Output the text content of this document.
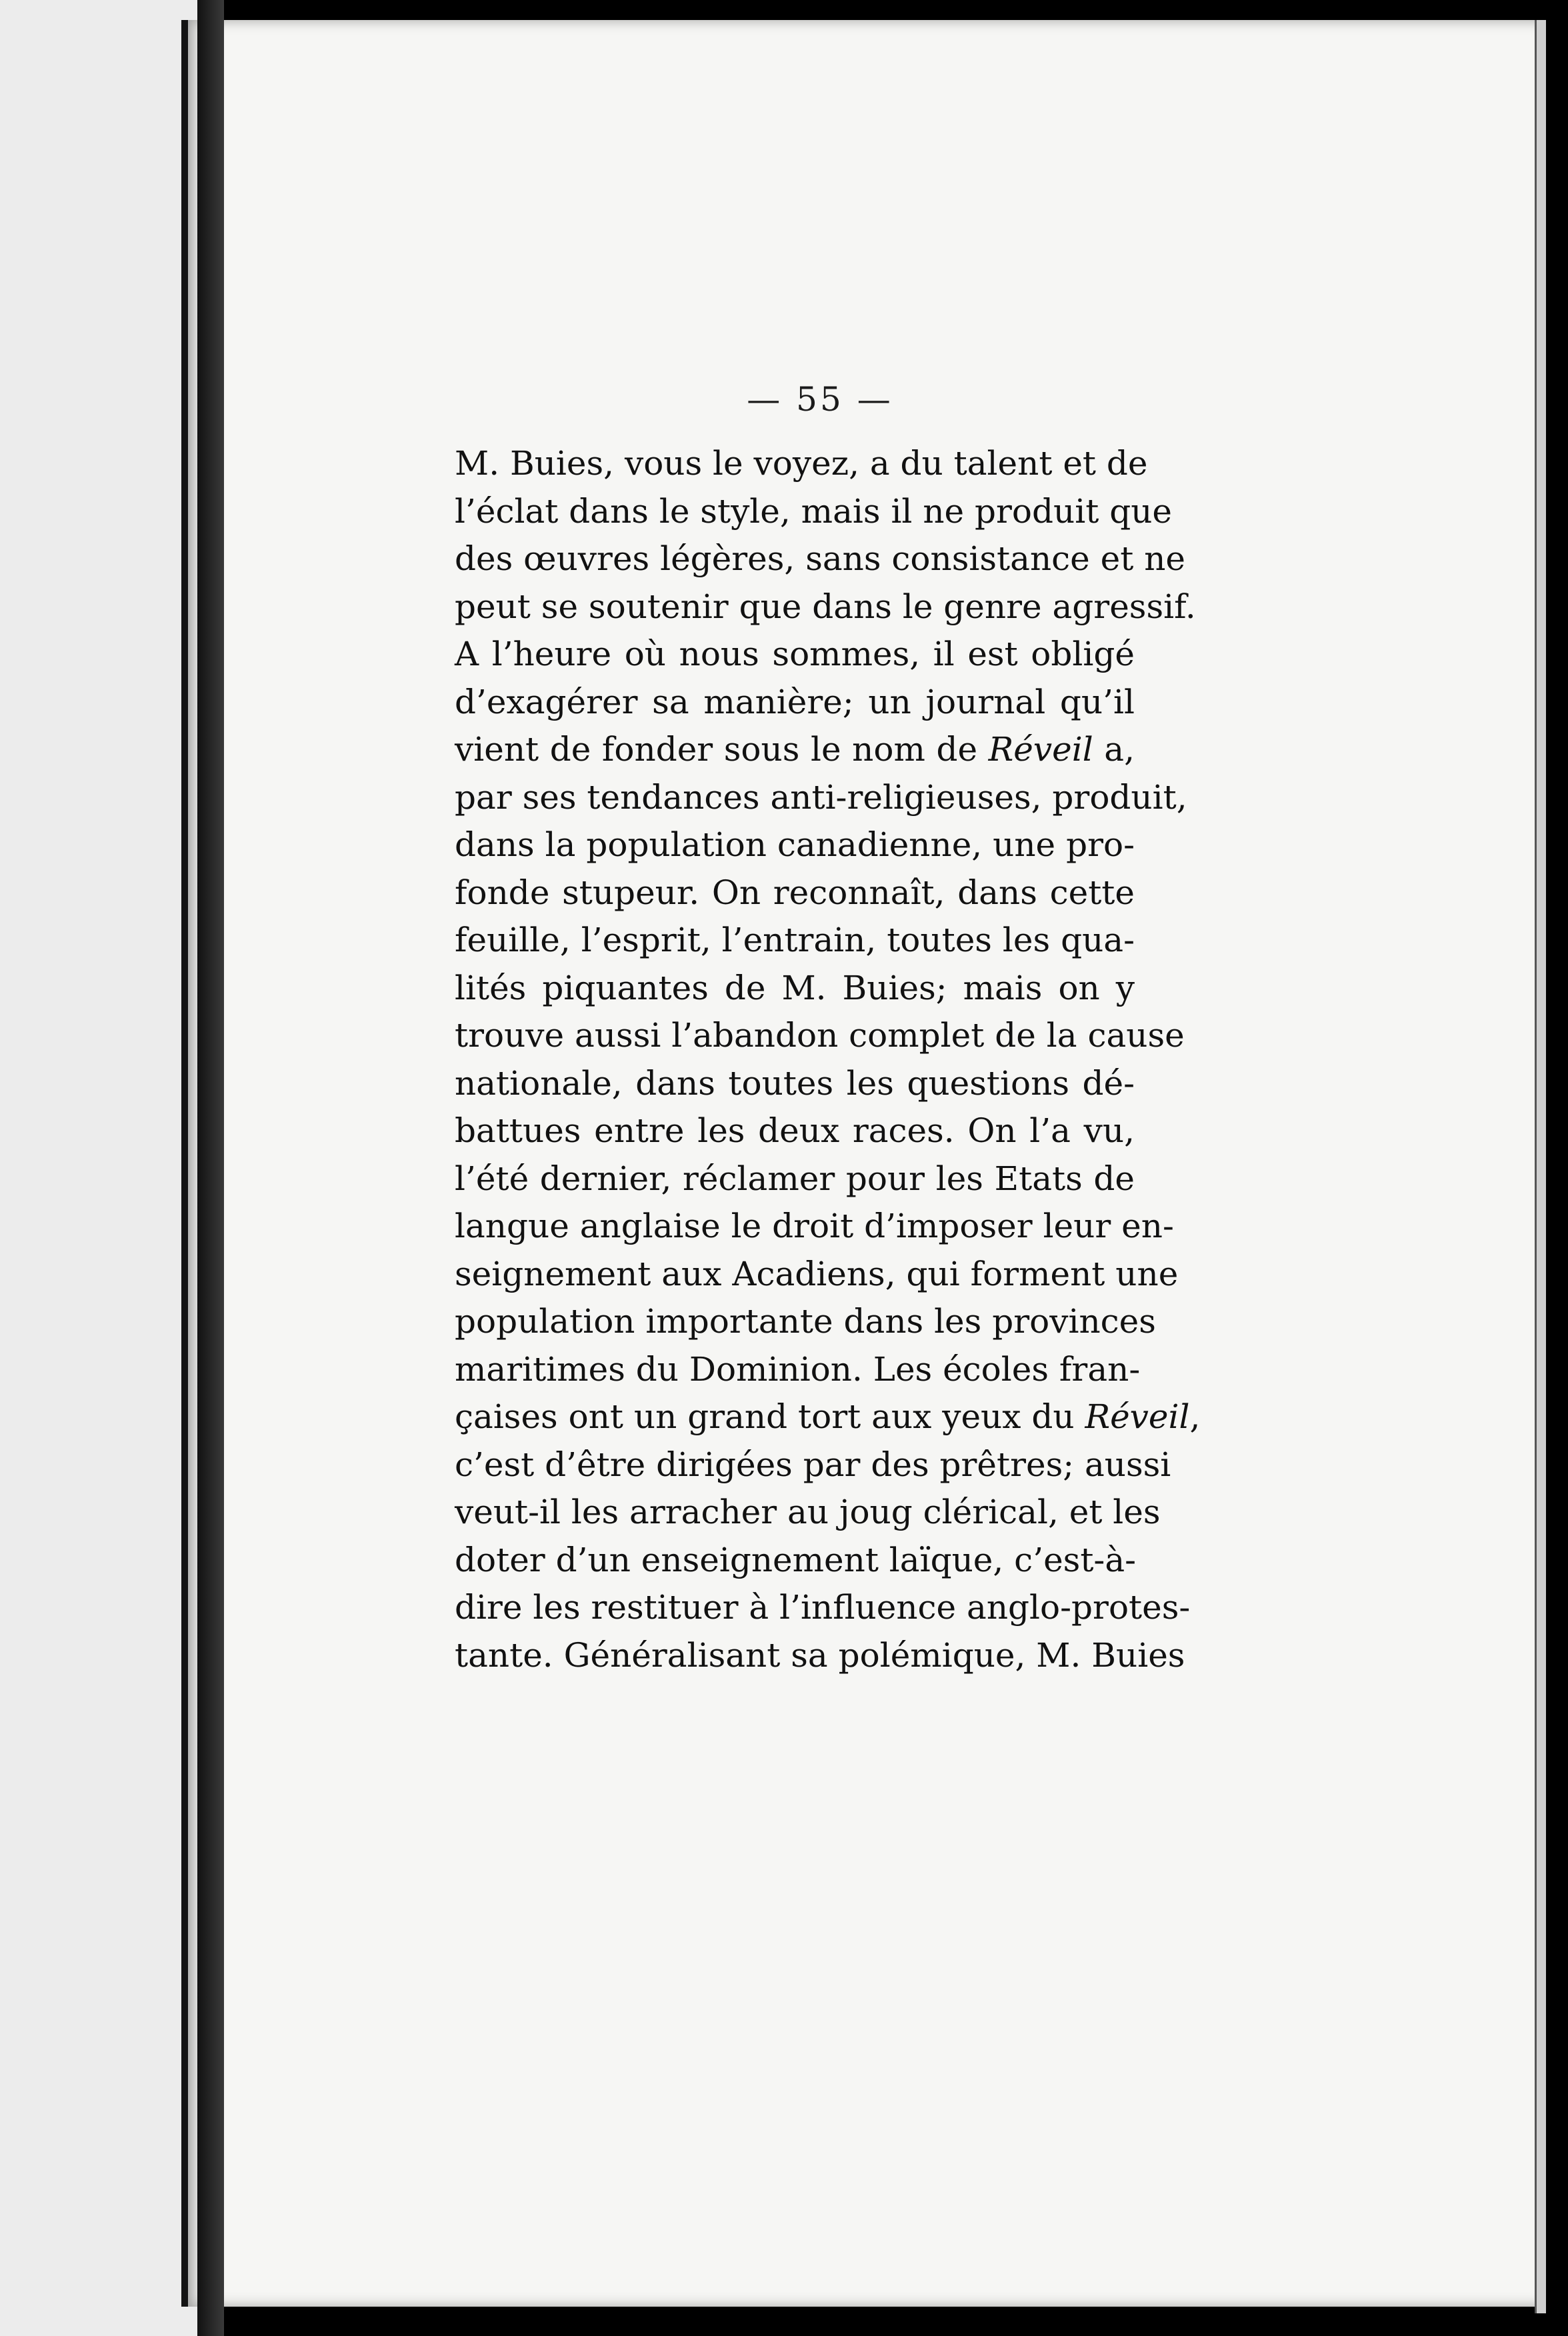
— 55 —
M. Buies, vous le voyez, a du talent et de
l’éclat dans le style, mais il ne produit que
des œuvres légères, sans consistance et ne
peut se soutenir que dans le genre agressif.
A l’heure où nous sommes, il est obligé
d’exagérer sa manière; un journal qu’il
vient de fonder sous le nom de Réveil a,
par ses tendances anti-religieuses, produit,
dans la population canadienne, une pro-
fonde stupeur. On reconnaît, dans cette
feuille, l’esprit, l’entrain, toutes les qua-
lités piquantes de M. Buies; mais on y
trouve aussi l’abandon complet de la cause
nationale, dans toutes les questions dé-
battues entre les deux races. On l’a vu,
l’été dernier, réclamer pour les Etats de
langue anglaise le droit d’imposer leur en-
seignement aux Acadiens, qui forment une
population importante dans les provinces
maritimes du Dominion. Les écoles fran-
çaises ont un grand tort aux yeux du Réveil
c’est d’être dirigées par des prêtres; aussi
veut-il les arracher au joug clérical, et les
doter d’un enseignement laïque, c’est-à-
dire les restituer à l’influence anglo-protes-
tante. Généralisant sa polémique, M. Buies
